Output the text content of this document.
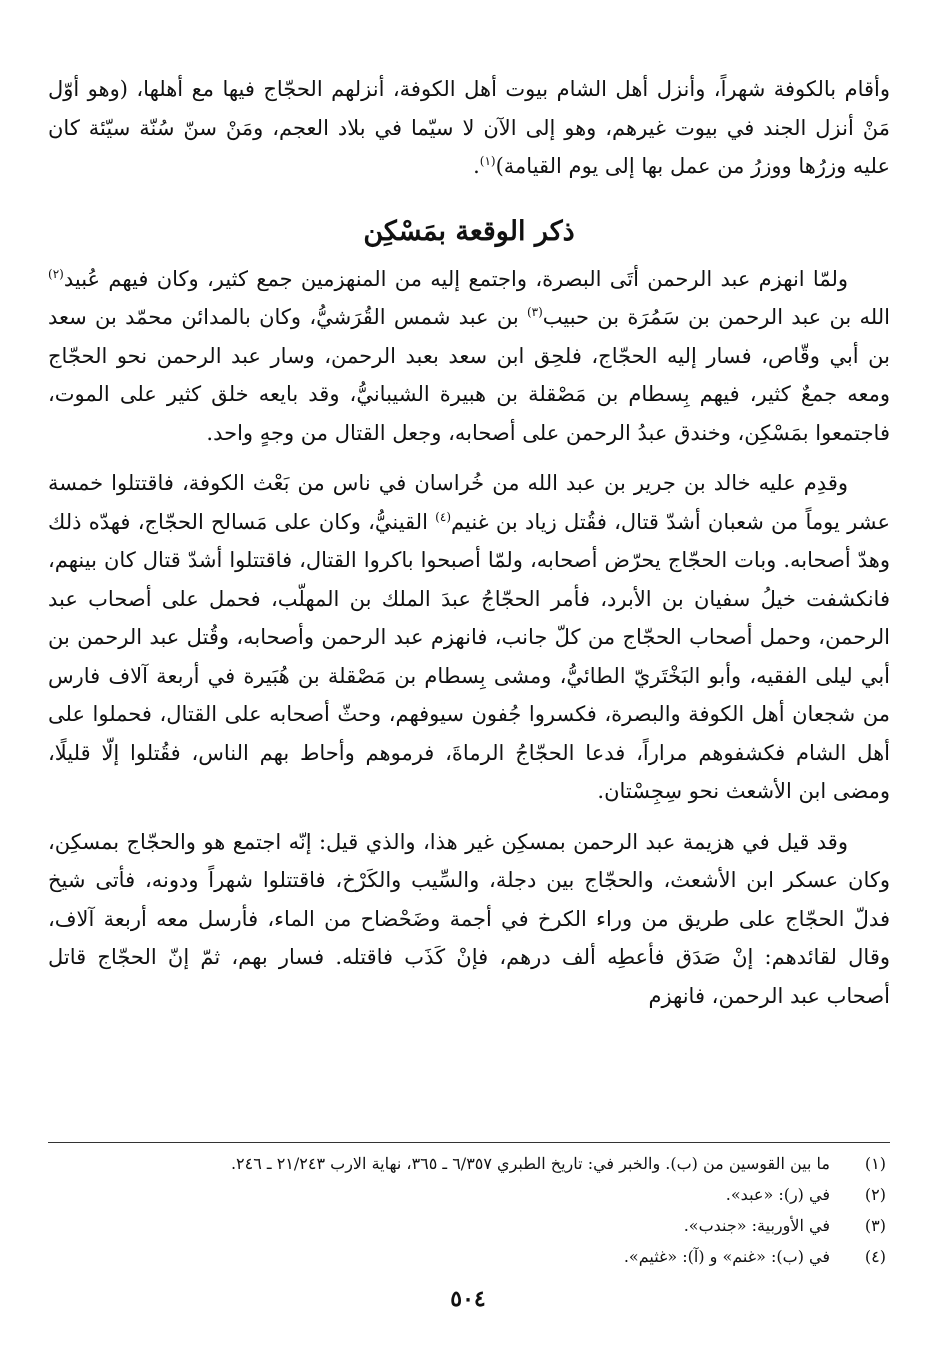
وأقام بالكوفة شهراً، وأنزل أهل الشام بيوت أهل الكوفة، أنزلهم الحجّاج فيها مع أهلها، (وهو أوّل مَنْ أنزل الجند في بيوت غيرهم، وهو إلى الآن لا سيّما في بلاد العجم، ومَنْ سنّ سُنّة سيّئة كان عليه وزرُها ووزرُ من عمل بها إلى يوم القيامة)$^{(١)}$.

ذكر الوقعة بمَسْكِن

ولمّا انهزم عبد الرحمن أتَى البصرة، واجتمع إليه من المنهزمين جمع كثير، وكان فيهم عُبيد$^{(٢)}$ الله بن عبد الرحمن بن سَمُرَة بن حبيب$^{(٣)}$ بن عبد شمس القُرَشيُّ، وكان بالمدائن محمّد بن سعد بن أبي وقّاص، فسار إليه الحجّاج، فلحِق ابن سعد بعبد الرحمن، وسار عبد الرحمن نحو الحجّاج ومعه جمعٌ كثير، فيهم بِسطام بن مَصْقلة بن هبيرة الشيبانيُّ، وقد بايعه خلق كثير على الموت، فاجتمعوا بمَسْكِن، وخندق عبدُ الرحمن على أصحابه، وجعل القتال من وجهٍ واحد.

وقدِم عليه خالد بن جرير بن عبد الله من خُراسان في ناس من بَعْث الكوفة، فاقتتلوا خمسة عشر يوماً من شعبان أشدّ قتال، فقُتل زياد بن غنيم$^{(٤)}$ القينيُّ، وكان على مَسالح الحجّاج، فهدّه ذلك وهدّ أصحابه. وبات الحجّاج يحرّض أصحابه، ولمّا أصبحوا باكروا القتال، فاقتتلوا أشدّ قتال كان بينهم، فانكشفت خيلُ سفيان بن الأبرد، فأمر الحجّاجُ عبدَ الملك بن المهلّب، فحمل على أصحاب عبد الرحمن، وحمل أصحاب الحجّاج من كلّ جانب، فانهزم عبد الرحمن وأصحابه، وقُتل عبد الرحمن بن أبي ليلى الفقيه، وأبو البَخْتَريّ الطائيُّ، ومشى بِسطام بن مَصْقلة بن هُبَيرة في أربعة آلاف فارس من شجعان أهل الكوفة والبصرة، فكسروا جُفون سيوفهم، وحثّ أصحابه على القتال، فحملوا على أهل الشام فكشفوهم مراراً، فدعا الحجّاجُ الرماةَ، فرموهم وأحاط بهم الناس، فقُتلوا إلّا قليلًا، ومضى ابن الأشعث نحو سِجِسْتان.

وقد قيل في هزيمة عبد الرحمن بمسكِن غير هذا، والذي قيل: إنّه اجتمع هو والحجّاج بمسكِن، وكان عسكر ابن الأشعث، والحجّاج بين دجلة، والسِّيب والكَرْخ، فاقتتلوا شهراً ودونه، فأتى شيخ فدلّ الحجّاج على طريق من وراء الكرخ في أجمة وضَحْضاح من الماء، فأرسل معه أربعة آلاف، وقال لقائدهم: إنْ صَدَق فأعطِه ألف درهم، فإنْ كَذَب فاقتله. فسار بهم، ثمّ إنّ الحجّاج قاتل أصحاب عبد الرحمن، فانهزم

(١)
ما بين القوسين من (ب). والخبر في: تاريخ الطبري ٦/٣٥٧ ـ ٣٦٥، نهاية الارب ٢١/٢٤٣ ـ ٢٤٦.
(٢)
في (ر): «عبد».
(٣)
في الأوربية: «جندب».
(٤)
في (ب): «غنم» و (آ): «غثيم».
٥٠٤
